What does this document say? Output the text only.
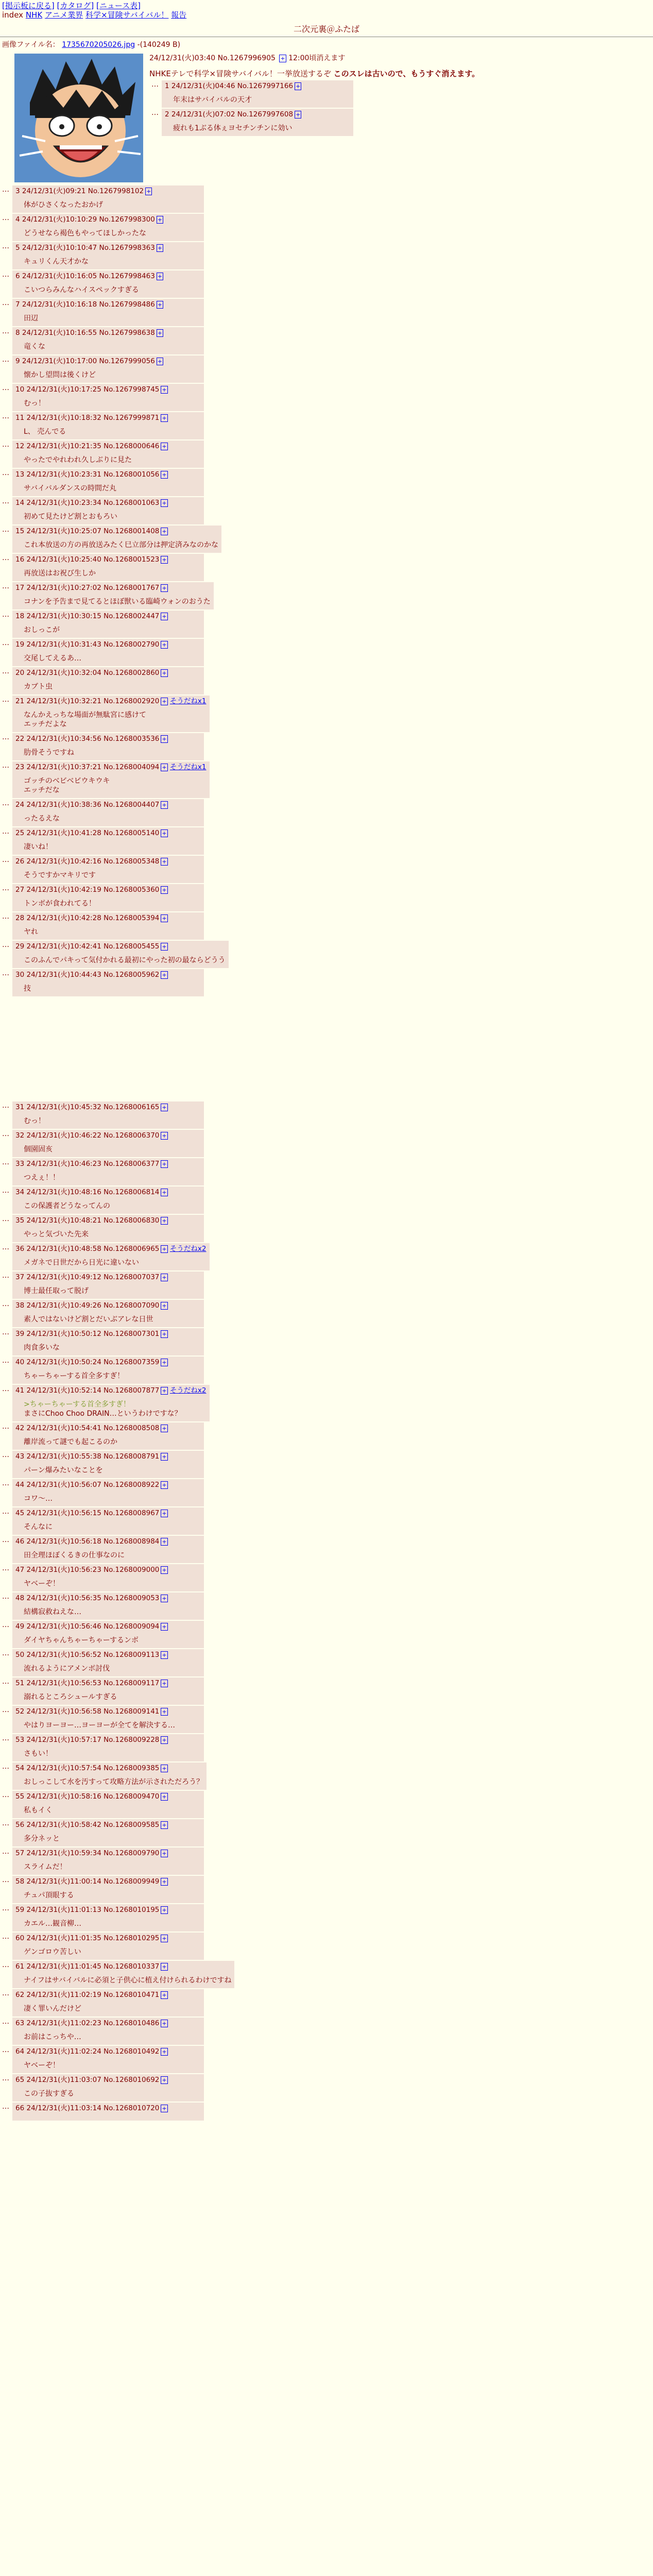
[掲示板に戻る] [カタログ] [ニュース表]
index NHK アニメ業界 科学×冒険サバイバル！ 報告
二次元裏＠ふたば
画像ファイル名： 1735670205026.jpg -(140249 B)
24/12/31(火)03:40 No.1267996905 + 12:00頃消えます
NHKEテレで科学×冒険サバイバル！一挙放送するぞ このスレは古いので、もうすぐ消えます。
…	1 24/12/31(火)04:46 No.1267997166 +
年末はサバイバルの天才
…	2 24/12/31(火)07:02 No.1267997608 +
疲れも1ぶる体ぇヨセチンチンに効い
…	3 24/12/31(火)09:21 No.1267998102 +
体がひさくなったおかげ
…	4 24/12/31(火)10:10:29 No.1267998300 +
どうせなら褐色もやってほしかったな
…	5 24/12/31(火)10:10:47 No.1267998363 +
キュリくん天才かな
…	6 24/12/31(火)10:16:05 No.1267998463 +
こいつらみんなハイスペックすぎる
…	7 24/12/31(火)10:16:18 No.1267998486 +
田辺
…	8 24/12/31(火)10:16:55 No.1267998638 +
竜くな
…	9 24/12/31(火)10:17:00 No.1267999056 +
懐かし望問は後くけど
…	10 24/12/31(火)10:17:25 No.1267998745 +
むっ！
…	11 24/12/31(火)10:18:32 No.1267999871 +
L、 売んでる
…	12 24/12/31(火)10:21:35 No.1268000646 +
やったでやれわれ久しぶりに見た
…	13 24/12/31(火)10:23:31 No.1268001056 +
サバイバルダンスの時間だ丸
…	14 24/12/31(火)10:23:34 No.1268001063 +
初めて見たけど割とおもろい
…	15 24/12/31(火)10:25:07 No.1268001408 +
これ本放送の方の再放送みたく巳立部分は押定済みなのかな
…	16 24/12/31(火)10:25:40 No.1268001523 +
再放送はお祝び生しか
…	17 24/12/31(火)10:27:02 No.1268001767 +
コナンを予告まで見てるとほぼ獣いる臨崎ウォンのおうた
…	18 24/12/31(火)10:30:15 No.1268002447 +
おしっこが
…	19 24/12/31(火)10:31:43 No.1268002790 +
交尾してえるあ…
…	20 24/12/31(火)10:32:04 No.1268002860 +
カブト虫
…	21 24/12/31(火)10:32:21 No.1268002920 + そうだねx1
なんかえっちな場面が無駄宮に感けて
エッチだよな
…	22 24/12/31(火)10:34:56 No.1268003536 +
肋骨そうですね
…	23 24/12/31(火)10:37:21 No.1268004094 + そうだねx1
ゴッチのベビベビウキウキ
エッチだな
…	24 24/12/31(火)10:38:36 No.1268004407 +
ったるえな
…	25 24/12/31(火)10:41:28 No.1268005140 +
凄いね！
…	26 24/12/31(火)10:42:16 No.1268005348 +
そうですかマキリです
…	27 24/12/31(火)10:42:19 No.1268005360 +
トンボが食われてる！
…	28 24/12/31(火)10:42:28 No.1268005394 +
ヤれ
…	29 24/12/31(火)10:42:41 No.1268005455 +
このふんでパキって気付かれる最初にやった初の最ならどうう
…	30 24/12/31(火)10:44:43 No.1268005962 +
技
…	31 24/12/31(火)10:45:32 No.1268006165 +
むっ！
…	32 24/12/31(火)10:46:22 No.1268006370 +
個園固亥
…	33 24/12/31(火)10:46:23 No.1268006377 +
つえぇ！！
…	34 24/12/31(火)10:48:16 No.1268006814 +
この保護者どうなってんの
…	35 24/12/31(火)10:48:21 No.1268006830 +
やっと気づいた先来
…	36 24/12/31(火)10:48:58 No.1268006965 + そうだねx2
メガネで日世だから日光に違いない
…	37 24/12/31(火)10:49:12 No.1268007037 +
博士最任取って脱げ
…	38 24/12/31(火)10:49:26 No.1268007090 +
素人ではないけど割とだいぶアレな日世
…	39 24/12/31(火)10:50:12 No.1268007301 +
肉食多いな
…	40 24/12/31(火)10:50:24 No.1268007359 +
ちゃーちゃーする首全多すぎ！
…	41 24/12/31(火)10:52:14 No.1268007877 + そうだねx2
>ちゃーちゃーする首全多すぎ！
まさにChoo Choo DRAIN…というわけですな？
…	42 24/12/31(火)10:54:41 No.1268008508 +
離岸流って謎でも起こるのか
…	43 24/12/31(火)10:55:38 No.1268008791 +
パーン爆みたいなことを
…	44 24/12/31(火)10:56:07 No.1268008922 +
コワ〜…
…	45 24/12/31(火)10:56:15 No.1268008967 +
そんなに
…	46 24/12/31(火)10:56:18 No.1268008984 +
田全理ほぼくるきの仕事なのに
…	47 24/12/31(火)10:56:23 No.1268009000 +
ヤベーぞ！
…	48 24/12/31(火)10:56:35 No.1268009053 +
結構寂救ねえな…
…	49 24/12/31(火)10:56:46 No.1268009094 +
ダイヤちゃんちゃーちゃーするンボ
…	50 24/12/31(火)10:56:52 No.1268009113 +
流れるようにアメンボ討伐
…	51 24/12/31(火)10:56:53 No.1268009117 +
溺れるところシュールすぎる
…	52 24/12/31(火)10:56:58 No.1268009141 +
やはりヨーヨー…ヨーヨーが全てを解決する…
…	53 24/12/31(火)10:57:17 No.1268009228 +
さもい！
…	54 24/12/31(火)10:57:54 No.1268009385 +
おしっこして水を汚すって攻略方法が示されただろう？
…	55 24/12/31(火)10:58:16 No.1268009470 +
私もイく
…	56 24/12/31(火)10:58:42 No.1268009585 +
多分ネッと
…	57 24/12/31(火)10:59:34 No.1268009790 +
スライムだ！
…	58 24/12/31(火)11:00:14 No.1268009949 +
チュパ頂眼する
…	59 24/12/31(火)11:01:13 No.1268010195 +
カエル…観音柳…
…	60 24/12/31(火)11:01:35 No.1268010295 +
ゲンゴロウ苦しい
…	61 24/12/31(火)11:01:45 No.1268010337 +
ナイフはサバイバルに必須と子供心に植え付けられるわけですね
…	62 24/12/31(火)11:02:19 No.1268010471 +
凄く罪いんだけど
…	63 24/12/31(火)11:02:23 No.1268010486 +
お前はこっちや…
…	64 24/12/31(火)11:02:24 No.1268010492 +
ヤベーぞ！
…	65 24/12/31(火)11:03:07 No.1268010692 +
この子抜すぎる
…	66 24/12/31(火)11:03:14 No.1268010720 +
